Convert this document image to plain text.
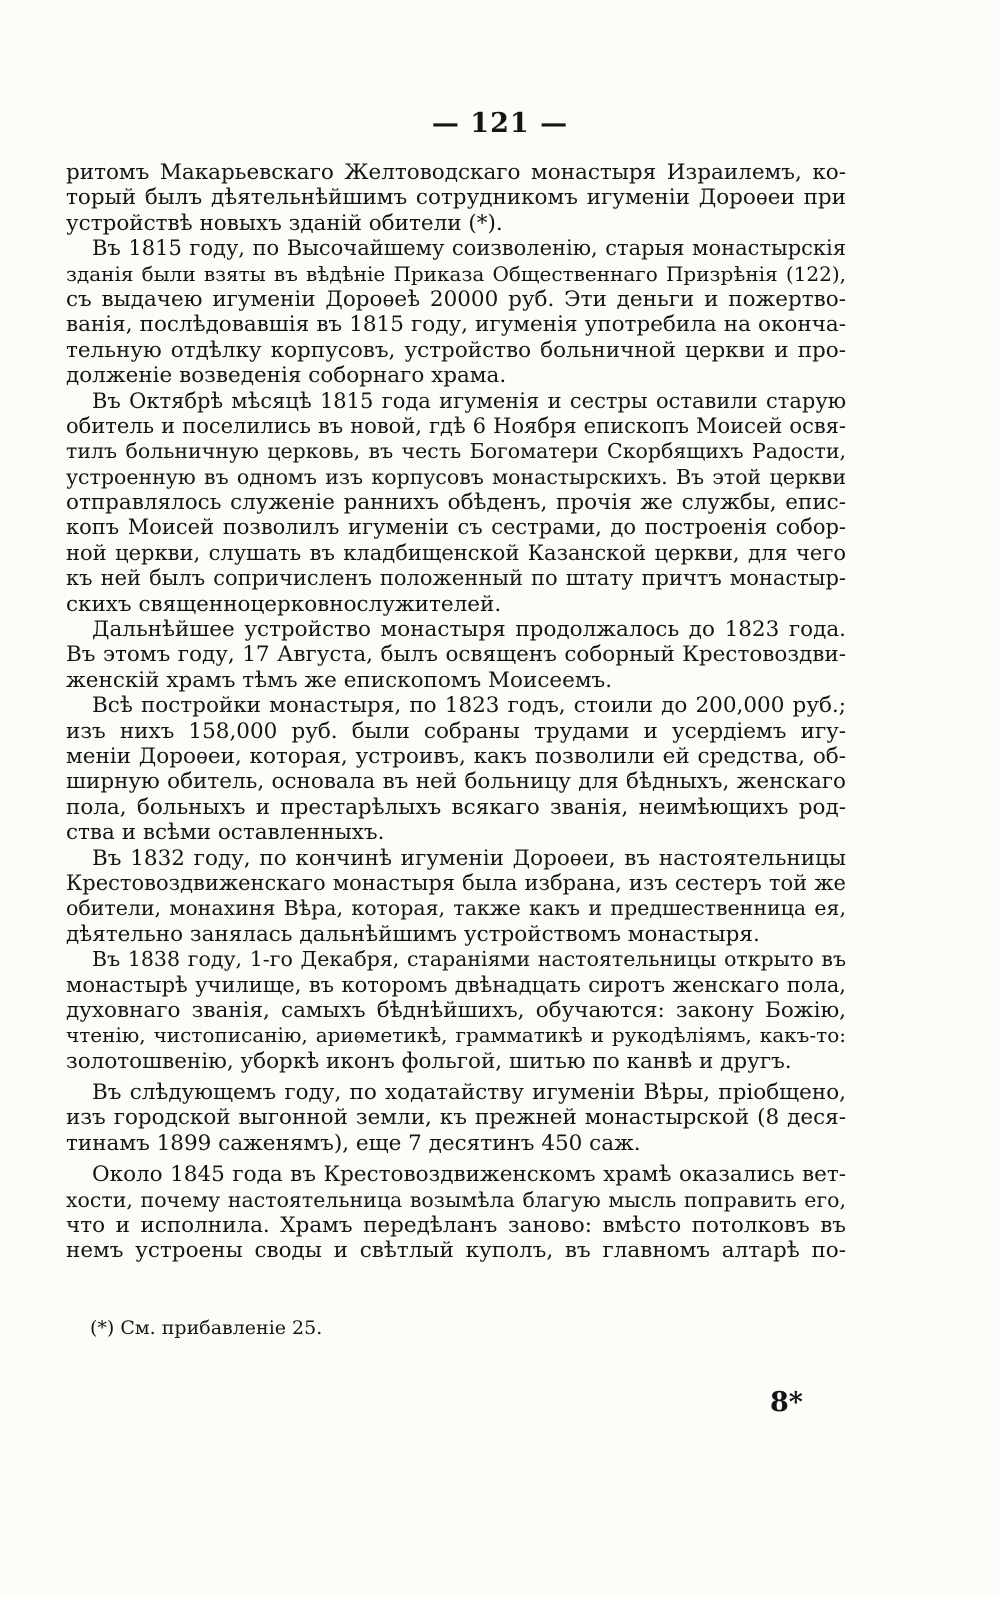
— 121 —
ритомъ Макарьевскаго Желтоводскаго монастыря Израилемъ, ко-
торый былъ дѣятельнѣйшимъ сотрудникомъ игуменіи Дороѳеи при
устройствѣ новыхъ зданій обители (*).
Въ 1815 году, по Высочайшему соизволенію, старыя монастырскія
зданія были взяты въ вѣдѣніе Приказа Общественнаго Призрѣнія (122),
съ выдачею игуменіи Дороѳеѣ 20000 руб. Эти деньги и пожертво-
ванія, послѣдовавшія въ 1815 году, игуменія употребила на оконча-
тельную отдѣлку корпусовъ, устройство больничной церкви и про-
долженіе возведенія соборнаго храма.
Въ Октябрѣ мѣсяцѣ 1815 года игуменія и сестры оставили старую
обитель и поселились въ новой, гдѣ 6 Ноября епископъ Моисей освя-
тилъ больничную церковь, въ честь Богоматери Скорбящихъ Радости,
устроенную въ одномъ изъ корпусовъ монастырскихъ. Въ этой церкви
отправлялось служеніе раннихъ обѣденъ, прочія же службы, епис-
копъ Моисей позволилъ игуменіи съ сестрами, до построенія собор-
ной церкви, слушать въ кладбищенской Казанской церкви, для чего
къ ней былъ сопричисленъ положенный по штату причтъ монастыр-
скихъ священноцерковнослужителей.
Дальнѣйшее устройство монастыря продолжалось до 1823 года.
Въ этомъ году, 17 Августа, былъ освященъ соборный Крестовоздви-
женскій храмъ тѣмъ же епископомъ Моисеемъ.
Всѣ постройки монастыря, по 1823 годъ, стоили до 200,000 руб.;
изъ нихъ 158,000 руб. были собраны трудами и усердіемъ игу-
меніи Дороѳеи, которая, устроивъ, какъ позволили ей средства, об-
ширную обитель, основала въ ней больницу для бѣдныхъ, женскаго
пола, больныхъ и престарѣлыхъ всякаго званія, неимѣющихъ род-
ства и всѣми оставленныхъ.
Въ 1832 году, по кончинѣ игуменіи Дороѳеи, въ настоятельницы
Крестовоздвиженскаго монастыря была избрана, изъ сестеръ той же
обители, монахиня Вѣра, которая, также какъ и предшественница ея,
дѣятельно занялась дальнѣйшимъ устройствомъ монастыря.
Въ 1838 году, 1-го Декабря, стараніями настоятельницы открыто въ
монастырѣ училище, въ которомъ двѣнадцать сиротъ женскаго пола,
духовнаго званія, самыхъ бѣднѣйшихъ, обучаются: закону Божію,
чтенію, чистописанію, ариѳметикѣ, грамматикѣ и рукодѣліямъ, какъ-то:
золотошвенію, уборкѣ иконъ фольгой, шитью по канвѣ и другъ.
Въ слѣдующемъ году, по ходатайству игуменіи Вѣры, пріобщено,
изъ городской выгонной земли, къ прежней монастырской (8 деся-
тинамъ 1899 саженямъ), еще 7 десятинъ 450 саж.
Около 1845 года въ Крестовоздвиженскомъ храмѣ оказались вет-
хости, почему настоятельница возымѣла благую мысль поправить его,
что и исполнила. Храмъ передѣланъ заново: вмѣсто потолковъ въ
немъ устроены своды и свѣтлый куполъ, въ главномъ алтарѣ по-
(*) См. прибавленіе 25.
8*
